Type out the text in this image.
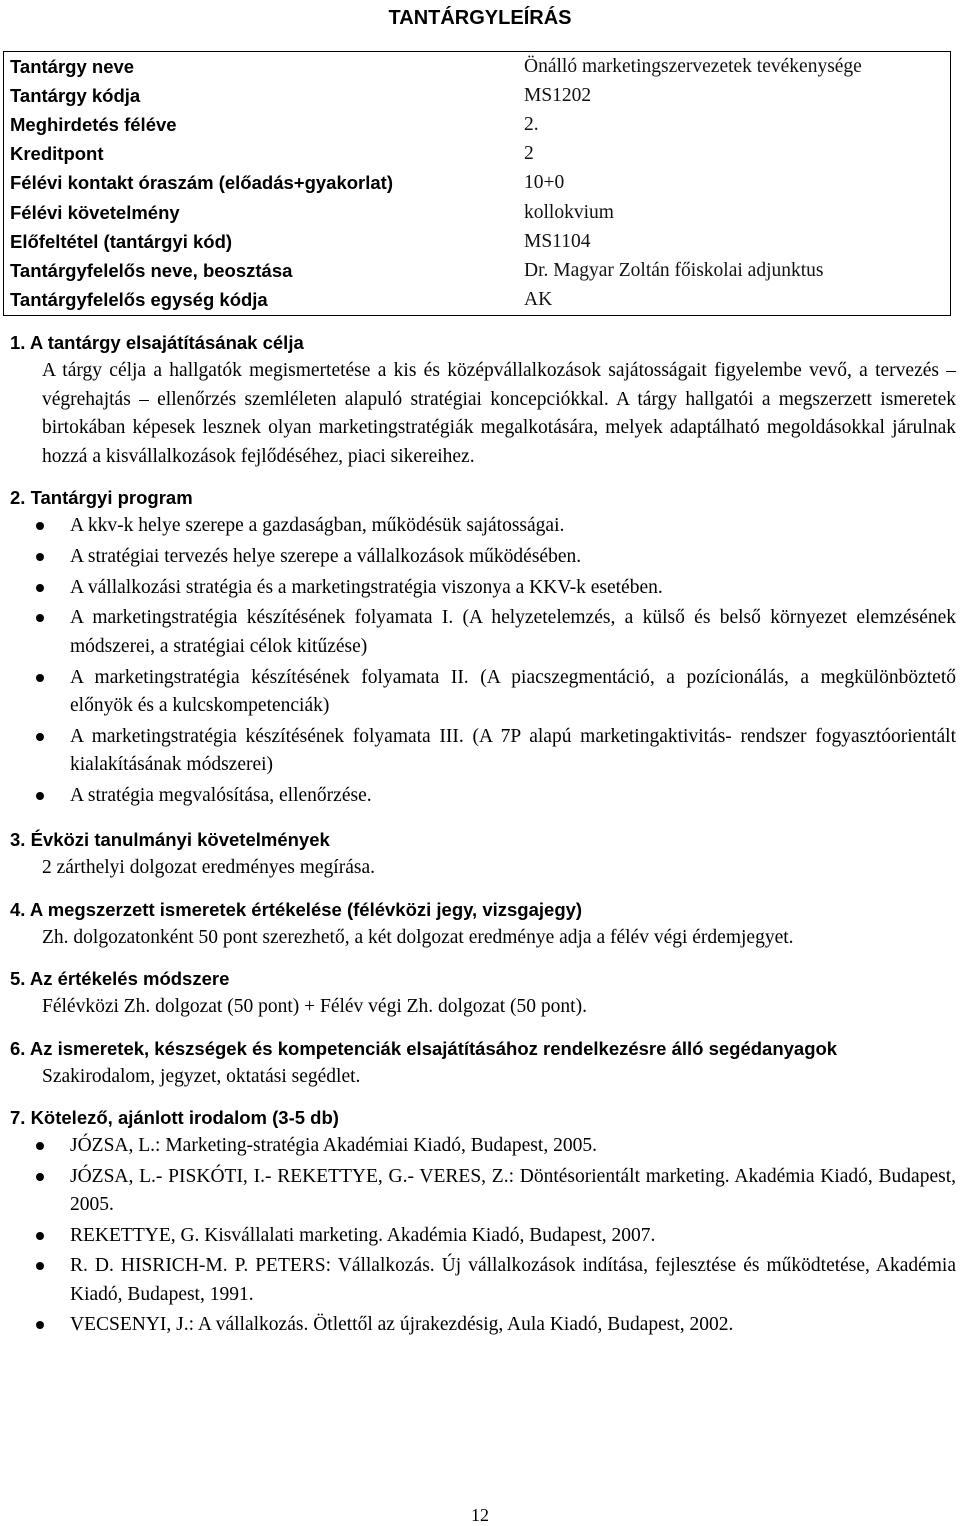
TANTÁRGYLEÍRÁS
Tantárgy neve	Önálló marketingszervezetek tevékenysége
Tantárgy kódja	MS1202
Meghirdetés féléve	2.
Kreditpont	2
Félévi kontakt óraszám (előadás+gyakorlat)	10+0
Félévi követelmény	kollokvium
Előfeltétel (tantárgyi kód)	MS1104
Tantárgyfelelős neve, beosztása	Dr. Magyar Zoltán főiskolai adjunktus
Tantárgyfelelős egység kódja	AK

1. A tantárgy elsajátításának célja

A tárgy célja a hallgatók megismertetése a kis és középvállalkozások sajátosságait figyelembe vevő, a tervezés – végrehajtás – ellenőrzés szemléleten alapuló stratégiai koncepciókkal. A tárgy hallgatói a megszerzett ismeretek birtokában képesek lesznek olyan marketingstratégiák megalkotására, melyek adaptálható megoldásokkal járulnak hozzá a kisvállalkozások fejlődéséhez, piaci sikereihez.

2. Tantárgyi program

A kkv-k helye szerepe a gazdaságban, működésük sajátosságai.
A stratégiai tervezés helye szerepe a vállalkozások működésében.
A vállalkozási stratégia és a marketingstratégia viszonya a KKV-k esetében.
A marketingstratégia készítésének folyamata I. (A helyzetelemzés, a külső és belső környezet elemzésének módszerei, a stratégiai célok kitűzése)
A marketingstratégia készítésének folyamata II. (A piacszegmentáció, a pozícionálás, a megkülönböztető előnyök és a kulcskompetenciák)
A marketingstratégia készítésének folyamata III. (A 7P alapú marketingaktivitás- rendszer fogyasztóorientált kialakításának módszerei)
A stratégia megvalósítása, ellenőrzése.

3. Évközi tanulmányi követelmények

2 zárthelyi dolgozat eredményes megírása.

4. A megszerzett ismeretek értékelése (félévközi jegy, vizsgajegy)

Zh. dolgozatonként 50 pont szerezhető, a két dolgozat eredménye adja a félév végi érdemjegyet.

5. Az értékelés módszere

Félévközi Zh. dolgozat (50 pont) + Félév végi Zh. dolgozat (50 pont).

6. Az ismeretek, készségek és kompetenciák elsajátításához rendelkezésre álló segédanyagok

Szakirodalom, jegyzet, oktatási segédlet.

7. Kötelező, ajánlott irodalom (3-5 db)

JÓZSA, L.: Marketing-stratégia Akadémiai Kiadó, Budapest, 2005.
JÓZSA, L.- PISKÓTI, I.- REKETTYE, G.- VERES, Z.: Döntésorientált marketing. Akadémia Kiadó, Budapest, 2005.
REKETTYE, G. Kisvállalati marketing. Akadémia Kiadó, Budapest, 2007.
R. D. HISRICH-M. P. PETERS: Vállalkozás. Új vállalkozások indítása, fejlesztése és működtetése, Akadémia Kiadó, Budapest, 1991.
VECSENYI, J.: A vállalkozás. Ötlettől az újrakezdésig, Aula Kiadó, Budapest, 2002.
12
